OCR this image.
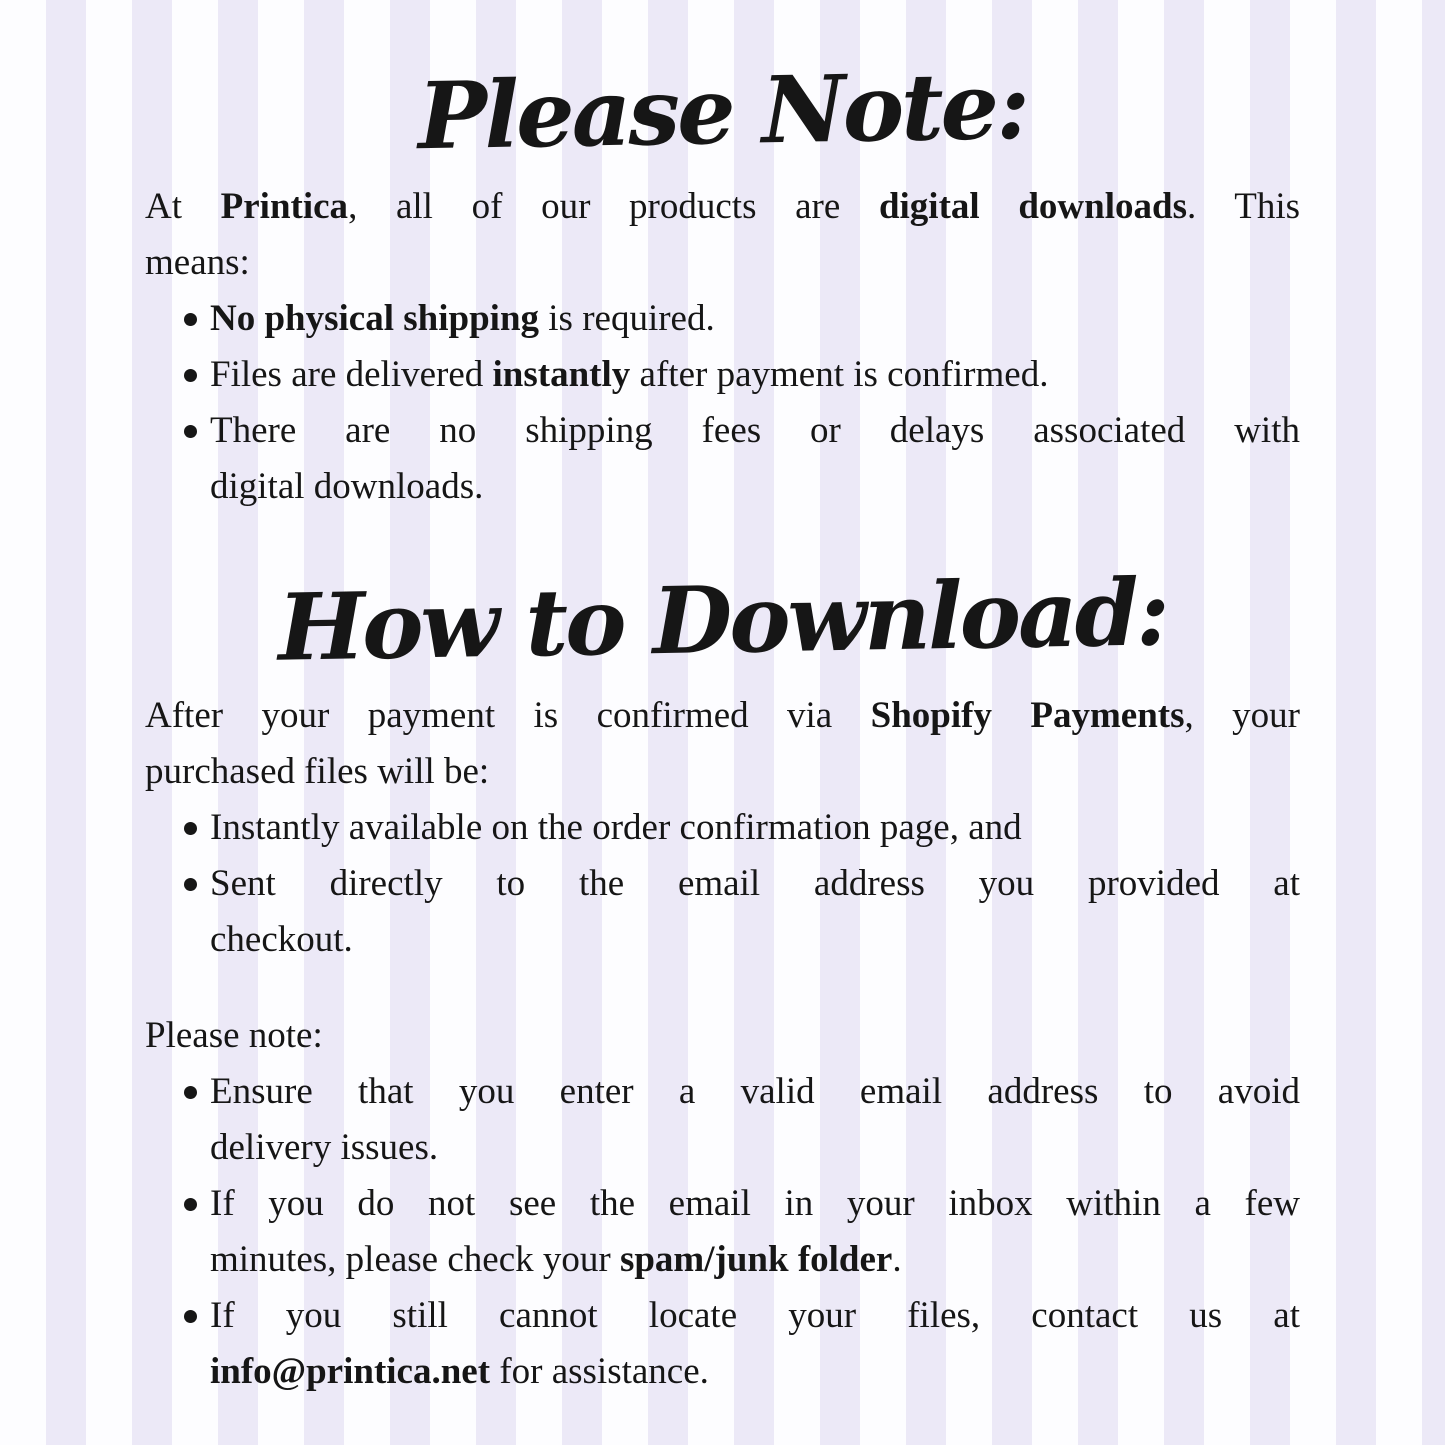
Please Note:
At Printica, all of our products are digital downloads. This
means:
No physical shipping is required.
Files are delivered instantly after payment is confirmed.
There are no shipping fees or delays associated with
digital downloads.
How to Download:
After your payment is confirmed via Shopify Payments, your
purchased files will be:
Instantly available on the order confirmation page, and
Sent directly to the email address you provided at
checkout.
Please note:
Ensure that you enter a valid email address to avoid
delivery issues.
If you do not see the email in your inbox within a few
minutes, please check your spam/junk folder.
If you still cannot locate your files, contact us at
info@printica.net for assistance.
